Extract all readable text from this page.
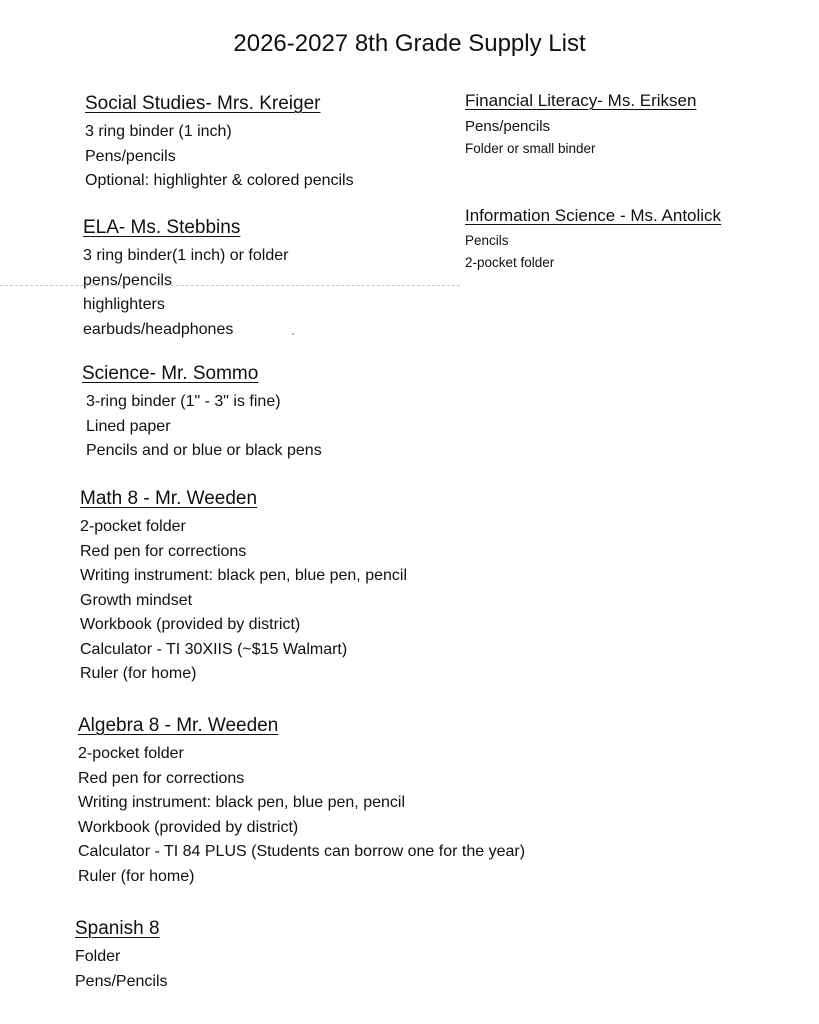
2026-2027 8th Grade Supply List
Social Studies- Mrs. Kreiger
3 ring binder (1 inch)
Pens/pencils
Optional: highlighter & colored pencils
ELA- Ms. Stebbins
3 ring binder(1 inch) or folder
pens/pencils
highlighters
earbuds/headphones
Science- Mr. Sommo
3-ring binder (1" - 3" is fine)
Lined paper
Pencils and or blue or black pens
Math 8 - Mr. Weeden
2-pocket folder
Red pen for corrections
Writing instrument: black pen, blue pen, pencil
Growth mindset
Workbook (provided by district)
Calculator - TI 30XIIS (~$15 Walmart)
Ruler (for home)
Algebra 8 - Mr. Weeden
2-pocket folder
Red pen for corrections
Writing instrument: black pen, blue pen, pencil
Workbook (provided by district)
Calculator - TI 84 PLUS (Students can borrow one for the year)
Ruler (for home)
Spanish 8
Folder
Pens/Pencils
Financial Literacy- Ms. Eriksen
Pens/pencils
Folder or small binder
Information Science - Ms. Antolick
Pencils
2-pocket folder
